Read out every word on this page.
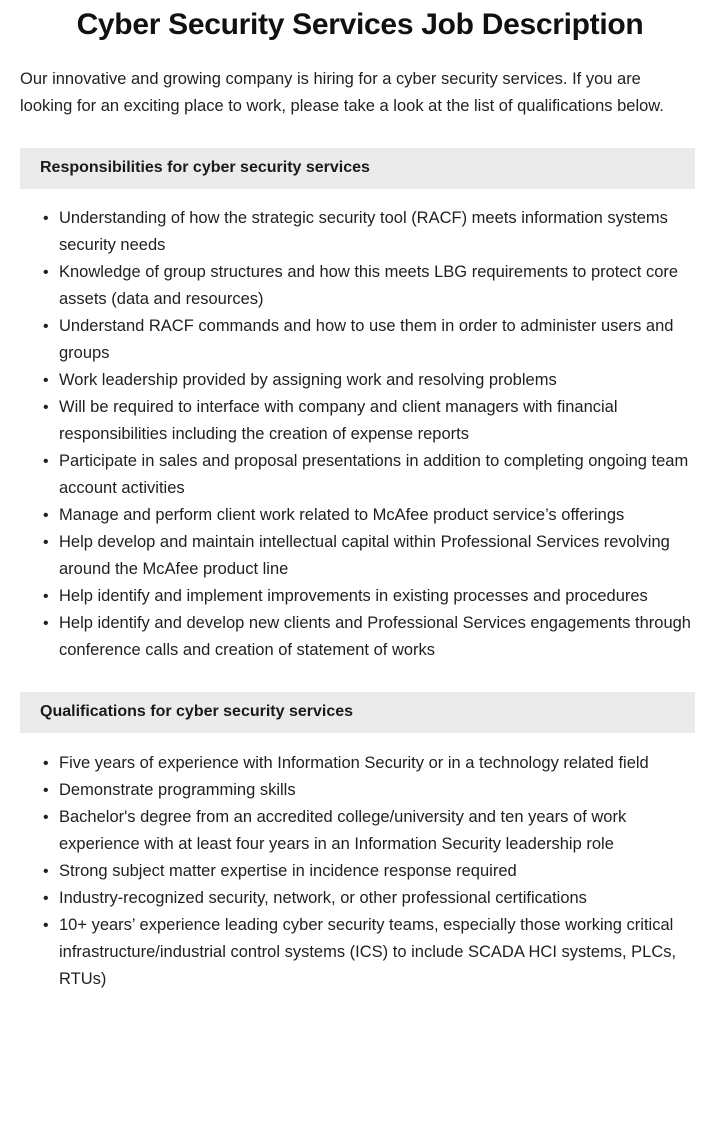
Cyber Security Services Job Description

Our innovative and growing company is hiring for a cyber security services. If you are looking for an exciting place to work, please take a look at the list of qualifications below.

Responsibilities for cyber security services
• Understanding of how the strategic security tool (RACF) meets information systems security needs
• Knowledge of group structures and how this meets LBG requirements to protect core assets (data and resources)
• Understand RACF commands and how to use them in order to administer users and groups
• Work leadership provided by assigning work and resolving problems
• Will be required to interface with company and client managers with financial responsibilities including the creation of expense reports
• Participate in sales and proposal presentations in addition to completing ongoing team account activities
• Manage and perform client work related to McAfee product service’s offerings
• Help develop and maintain intellectual capital within Professional Services revolving around the McAfee product line
• Help identify and implement improvements in existing processes and procedures
• Help identify and develop new clients and Professional Services engagements through conference calls and creation of statement of works
Qualifications for cyber security services
• Five years of experience with Information Security or in a technology related field
• Demonstrate programming skills
• Bachelor's degree from an accredited college/university and ten years of work experience with at least four years in an Information Security leadership role
• Strong subject matter expertise in incidence response required
• Industry-recognized security, network, or other professional certifications
• 10+ years’ experience leading cyber security teams, especially those working critical infrastructure/industrial control systems (ICS) to include SCADA HCI systems, PLCs, RTUs)
